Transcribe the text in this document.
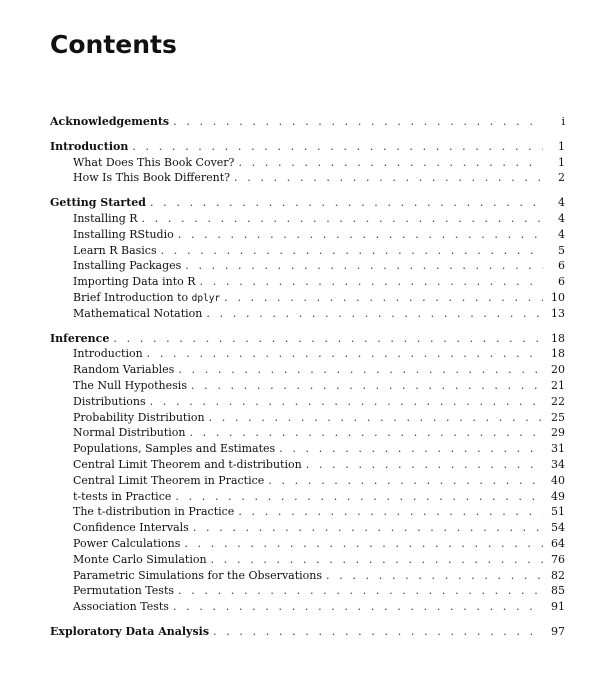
Contents
Acknowledgements . . .	i
Introduction . . .	1
What Does This Book Cover? . . .	1
How Is This Book Different? . . .	2
Getting Started . . .	4
Installing R . . .	4
Installing RStudio . . .	4
Learn R Basics . . .	5
Installing Packages . . .	6
Importing Data into R . . .	6
Brief Introduction to dplyr . . .	10
Mathematical Notation . . .	13
Inference . . .	18
Introduction . . .	18
Random Variables . . .	20
The Null Hypothesis . . .	21
Distributions . . .	22
Probability Distribution . . .	25
Normal Distribution . . .	29
Populations, Samples and Estimates . . .	31
Central Limit Theorem and t-distribution . . .	34
Central Limit Theorem in Practice . . .	40
t-tests in Practice . . .	49
The t-distribution in Practice . . .	51
Confidence Intervals . . .	54
Power Calculations . . .	64
Monte Carlo Simulation . . .	76
Parametric Simulations for the Observations . . .	82
Permutation Tests . . .	85
Association Tests . . .	91
Exploratory Data Analysis . . .	97
